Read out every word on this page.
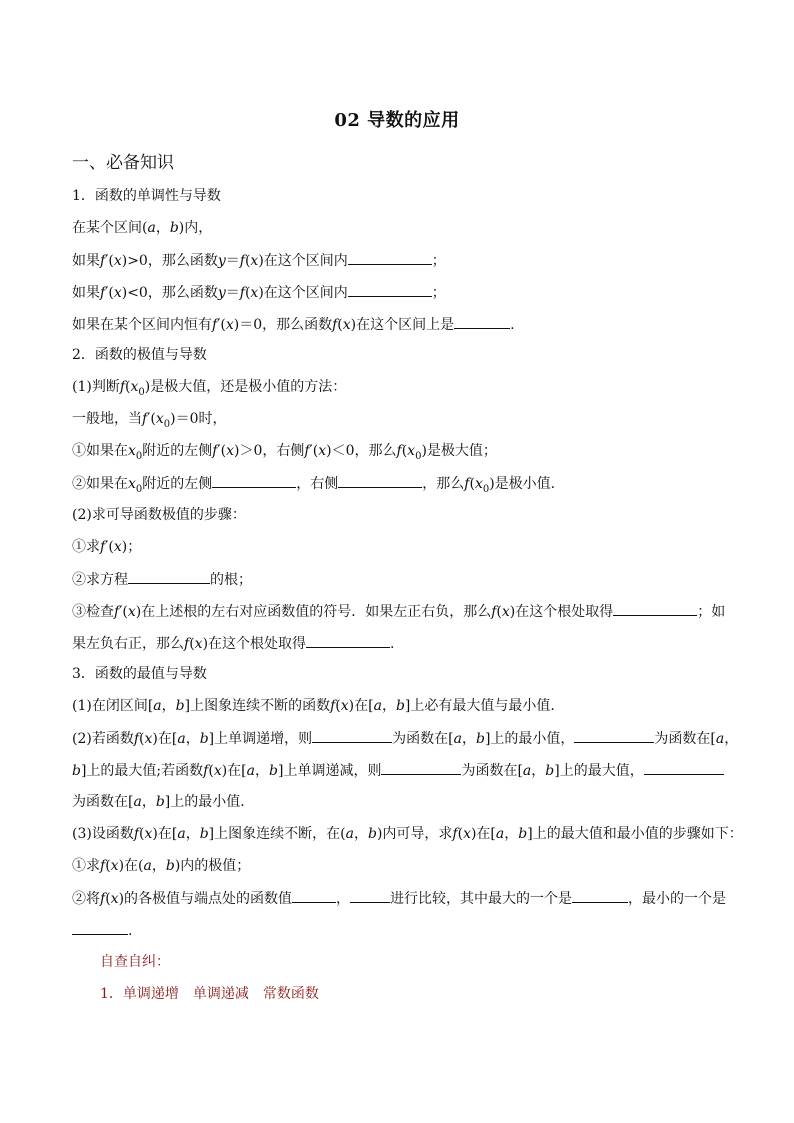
02 导数的应用
一、必备知识
1．函数的单调性与导数
在某个区间(a，b)内，
如果f′(x)>0，那么函数y＝f(x)在这个区间内	；
如果f′(x)<0，那么函数y＝f(x)在这个区间内	；
如果在某个区间内恒有f′(x)＝0，那么函数f(x)在这个区间上是	.
2．函数的极值与导数
(1)判断$f(x_0)$是极大值，还是极小值的方法：
一般地，当$f'(x_0)=0$时，
①如果在$x_0$附近的左侧f′(x)＞0，右侧f′(x)＜0，那么$f(x_0)$是极大值；
②如果在$x_0$附近的左侧	，右侧	，那么$f(x_0)$是极小值.
(2)求可导函数极值的步骤：
①求f′(x)；
②求方程	的根；
③检查f′(x)在上述根的左右对应函数值的符号．如果左正右负，那么f(x)在这个根处取得	；如
果左负右正，那么f(x)在这个根处取得	.
3．函数的最值与导数
(1)在闭区间[a，b]上图象连续不断的函数f(x)在[a，b]上必有最大值与最小值.
(2)若函数f(x)在[a，b]上单调递增，则	为函数在[a，b]上的最小值，	为函数在[a，
b]上的最大值;若函数f(x)在[a，b]上单调递减，则	为函数在[a，b]上的最大值，
为函数在[a，b]上的最小值.
(3)设函数f(x)在[a，b]上图象连续不断，在(a，b)内可导，求f(x)在[a，b]上的最大值和最小值的步骤如下：
①求f(x)在(a，b)内的极值；
②将f(x)的各极值与端点处的函数值	，	进行比较，其中最大的一个是	，最小的一个是
.
自查自纠：
1．单调递增　单调递减　常数函数
